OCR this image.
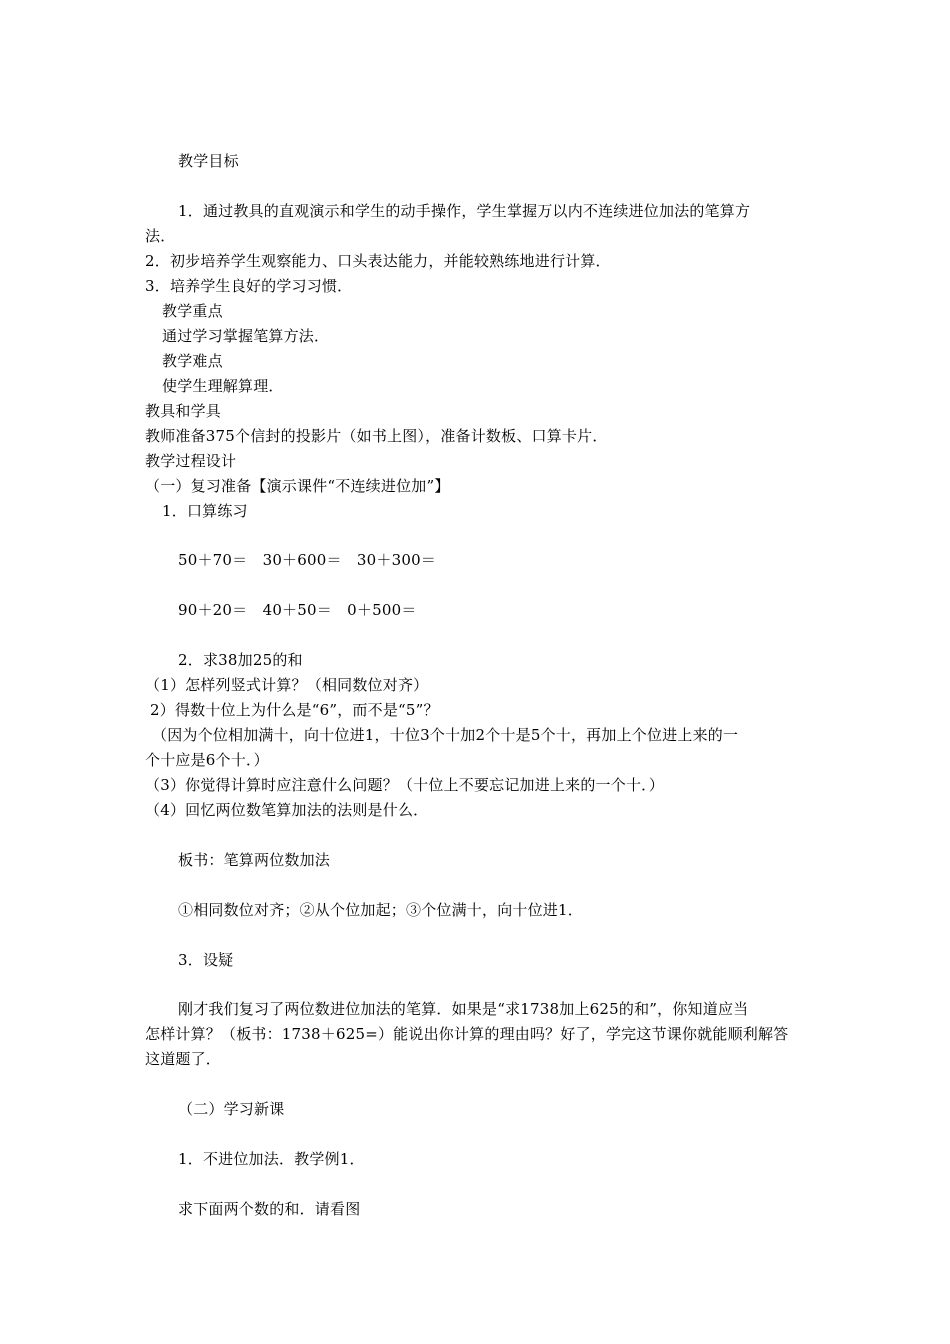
教学目标
1．通过教具的直观演示和学生的动手操作，学生掌握万以内不连续进位加法的笔算方
法．
2．初步培养学生观察能力、口头表达能力，并能较熟练地进行计算．
3．培养学生良好的学习习惯．
教学重点
通过学习掌握笔算方法．
教学难点
使学生理解算理．
教具和学具
教师准备375个信封的投影片（如书上图），准备计数板、口算卡片．
教学过程设计
（一）复习准备【演示课件“不连续进位加”】
1．口算练习
50＋70＝　30＋600＝　30＋300＝
90＋20＝　40＋50＝　0＋500＝
2．求38加25的和
（1）怎样列竖式计算？（相同数位对齐）
2）得数十位上为什么是“6”，而不是“5”？
（因为个位相加满十，向十位进1，十位3个十加2个十是5个十，再加上个位进上来的一
个十应是6个十．）
（3）你觉得计算时应注意什么问题？（十位上不要忘记加进上来的一个十．）
（4）回忆两位数笔算加法的法则是什么．
板书：笔算两位数加法
①相同数位对齐；②从个位加起；③个位满十，向十位进1．
3．设疑
刚才我们复习了两位数进位加法的笔算．如果是“求1738加上625的和”，你知道应当
怎样计算？（板书：1738＋625=）能说出你计算的理由吗？好了，学完这节课你就能顺利解答
这道题了．
（二）学习新课
1．不进位加法．教学例1．
求下面两个数的和．请看图
